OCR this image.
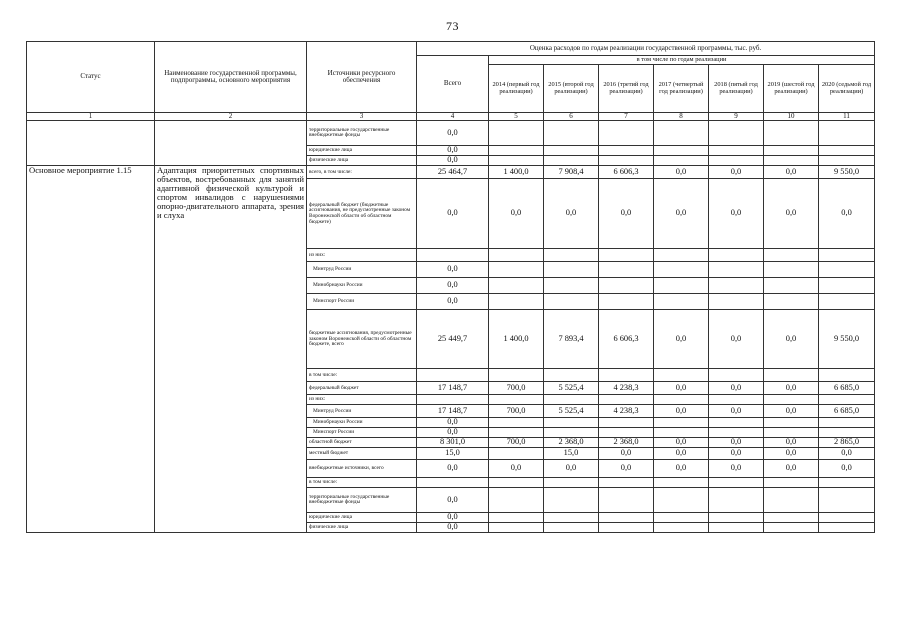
73
Статус	Наименование государственной программы, подпрограммы, основного мероприятия	Источники ресурсного обеспечения	Оценка расходов по годам реализации государственной программы, тыс. руб.							
			Всего	в том числе по годам реализации						
				2014 (первый год реализации)	2015 (второй год реализации)	2016 (третий год реализации)	2017 (четвертый год реализации)	2018 (пятый год реализации)	2019 (шестой год реализации)	2020 (седьмой год реализации)
1	2	3	4	5	6	7	8	9	10	11
		территориальные государственные внебюджетные фонды	0,0							
		юридические лица	0,0							
		физические лица	0,0							
Основное мероприятие 1.15	Адаптация приоритетных спортивных объектов, востребованных для занятий адаптивной физической культурой и спортом инвалидов с нарушениями опорно-двигательного аппарата, зрения и слуха	всего, в том числе:	25 464,7	1 400,0	7 908,4	6 606,3	0,0	0,0	0,0	9 550,0
		федеральный бюджет (бюджетные ассигнования, не предусмотренные законом Воронежской области об областном бюджете)	0,0	0,0	0,0	0,0	0,0	0,0	0,0	0,0
		из них:								
		Минтруд России	0,0							
		Минобрнауки России	0,0							
		Минспорт России	0,0							
		бюджетные ассигнования, предусмотренные законом Воронежской области об областном бюджете, всего	25 449,7	1 400,0	7 893,4	6 606,3	0,0	0,0	0,0	9 550,0
		в том числе:								
		федеральный бюджет	17 148,7	700,0	5 525,4	4 238,3	0,0	0,0	0,0	6 685,0
		из них:								
		Минтруд России	17 148,7	700,0	5 525,4	4 238,3	0,0	0,0	0,0	6 685,0
		Минобрнауки России	0,0							
		Минспорт России	0,0							
		областной бюджет	8 301,0	700,0	2 368,0	2 368,0	0,0	0,0	0,0	2 865,0
		местный бюджет	15,0		15,0	0,0	0,0	0,0	0,0	0,0
		внебюджетные источники, всего	0,0	0,0	0,0	0,0	0,0	0,0	0,0	0,0
		в том числе:								
		территориальные государственные внебюджетные фонды	0,0							
		юридические лица	0,0							
		физические лица	0,0							
